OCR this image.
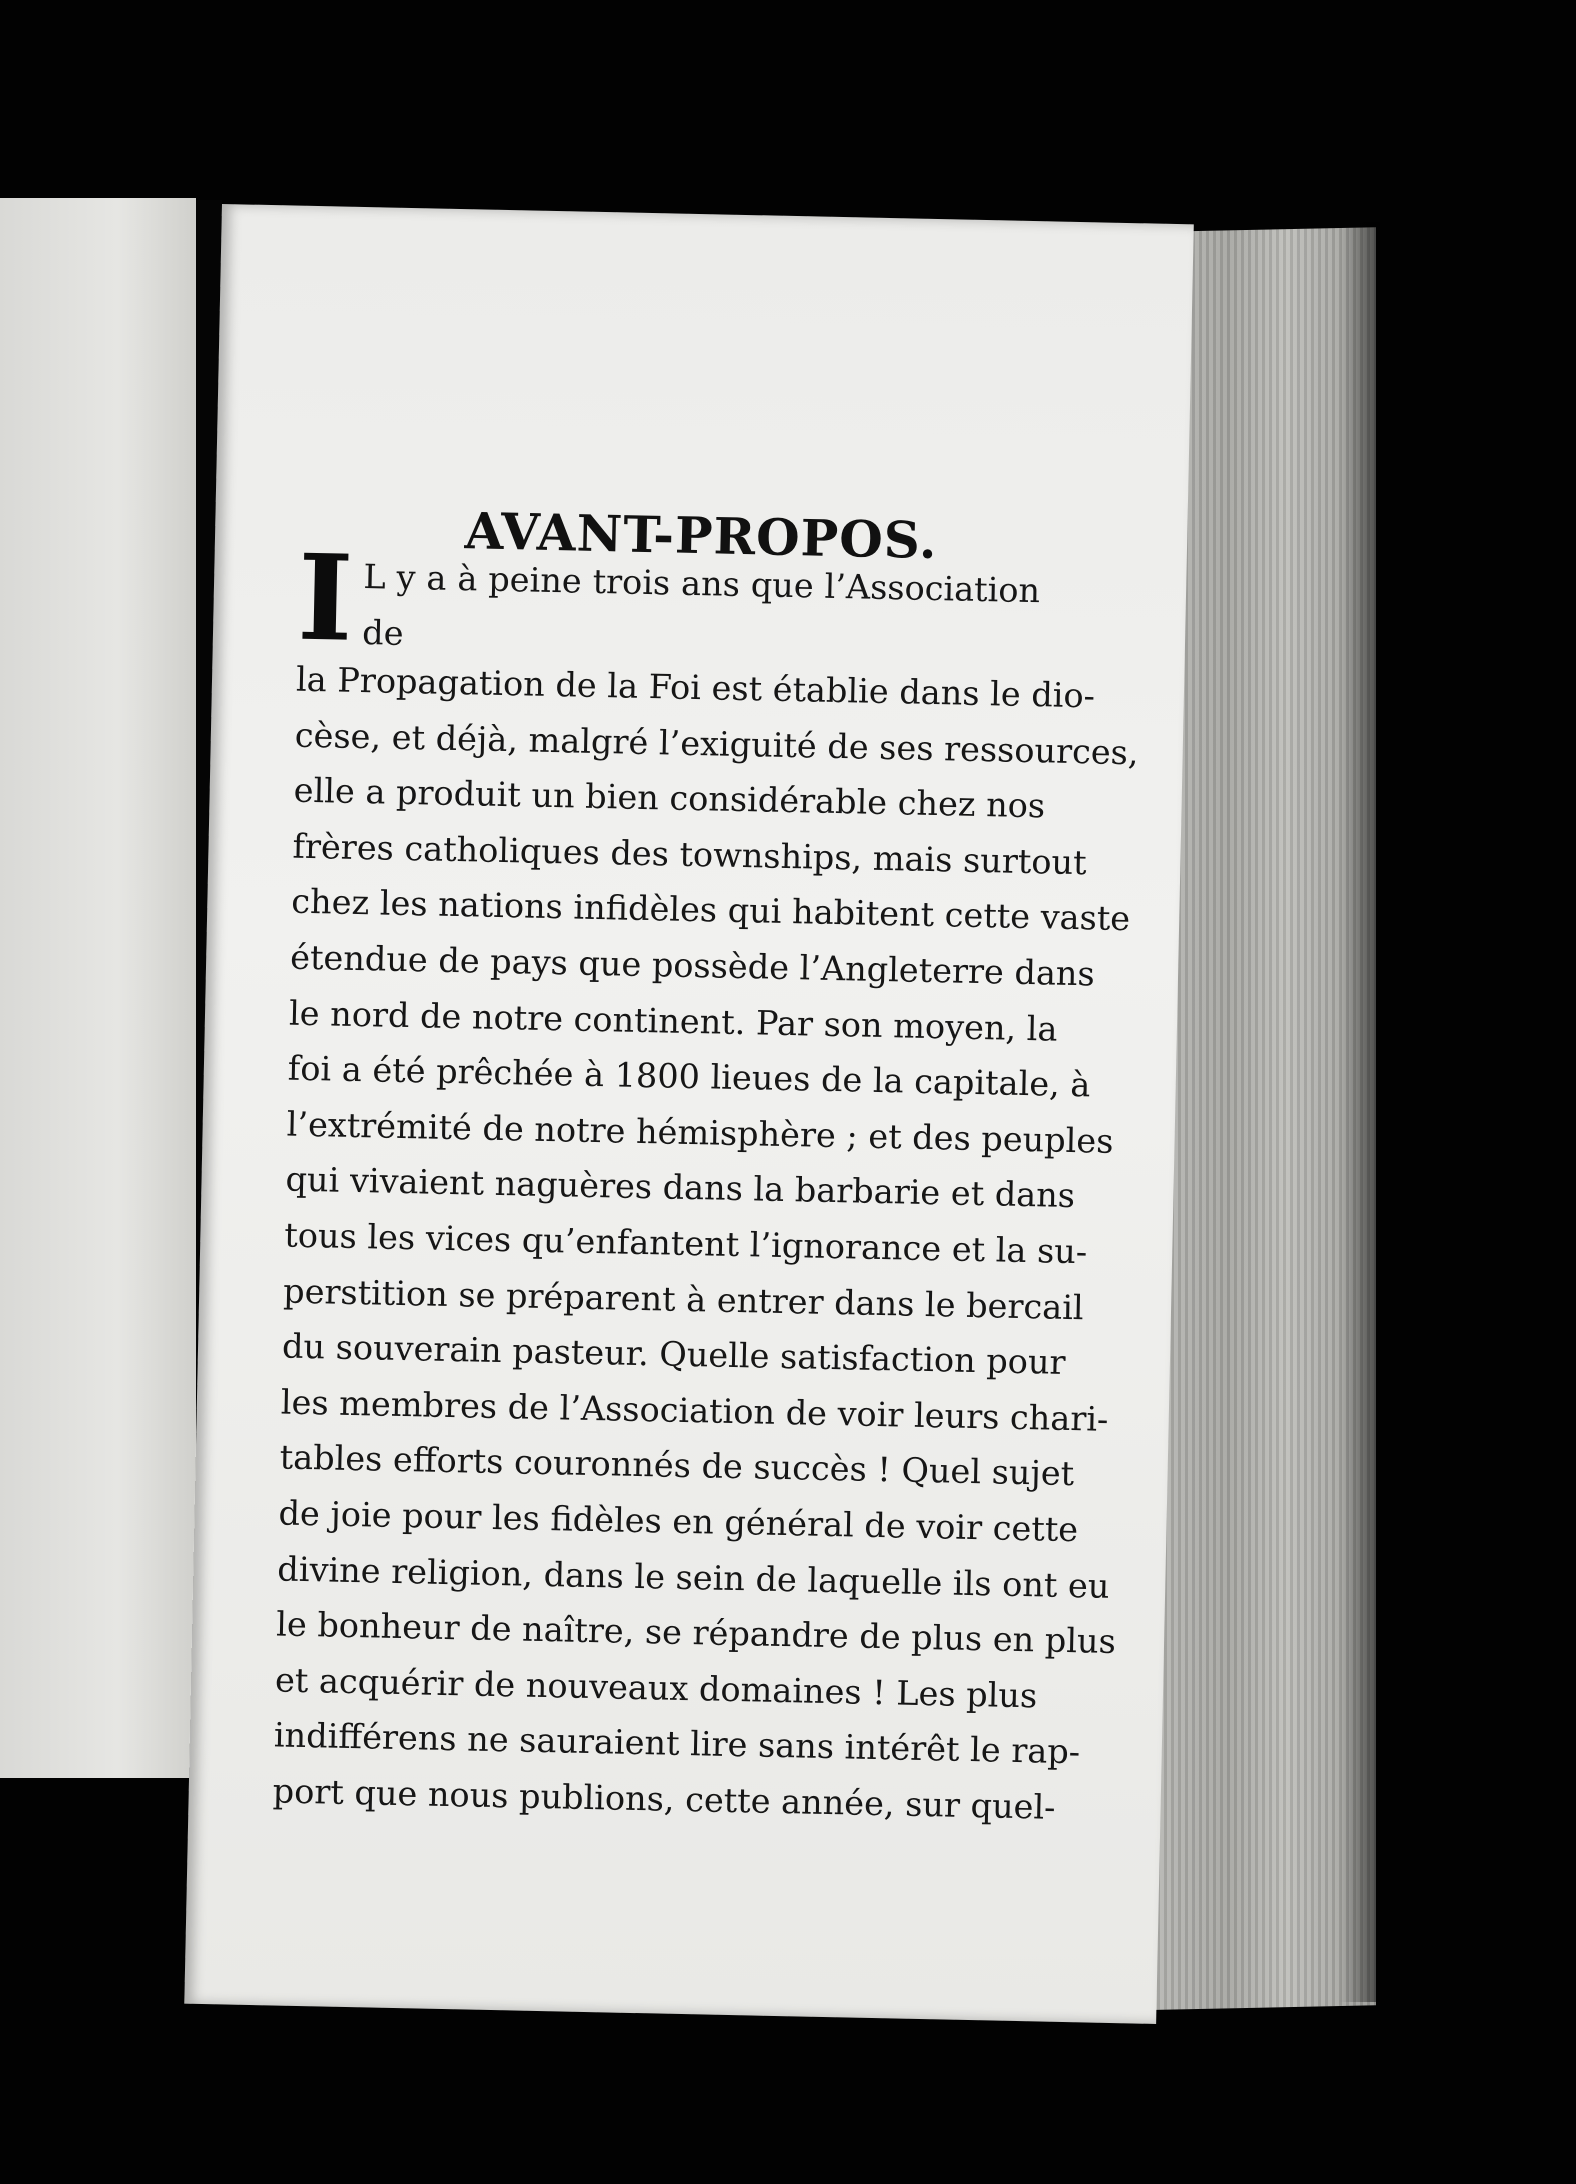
AVANT-PROPOS.
I L y a à peine trois ans que l’Association de
la Propagation de la Foi est établie dans le dio-
cèse, et déjà, malgré l’exiguité de ses ressources,
elle a produit un bien considérable chez nos
frères catholiques des townships, mais surtout
chez les nations infidèles qui habitent cette vaste
étendue de pays que possède l’Angleterre dans
le nord de notre continent. Par son moyen, la
foi a été prêchée à 1800 lieues de la capitale, à
l’extrémité de notre hémisphère ; et des peuples
qui vivaient naguères dans la barbarie et dans
tous les vices qu’enfantent l’ignorance et la su-
perstition se préparent à entrer dans le bercail
du souverain pasteur. Quelle satisfaction pour
les membres de l’Association de voir leurs chari-
tables efforts couronnés de succès ! Quel sujet
de joie pour les fidèles en général de voir cette
divine religion, dans le sein de laquelle ils ont eu
le bonheur de naître, se répandre de plus en plus
et acquérir de nouveaux domaines ! Les plus
indifférens ne sauraient lire sans intérêt le rap-
port que nous publions, cette année, sur quel-
